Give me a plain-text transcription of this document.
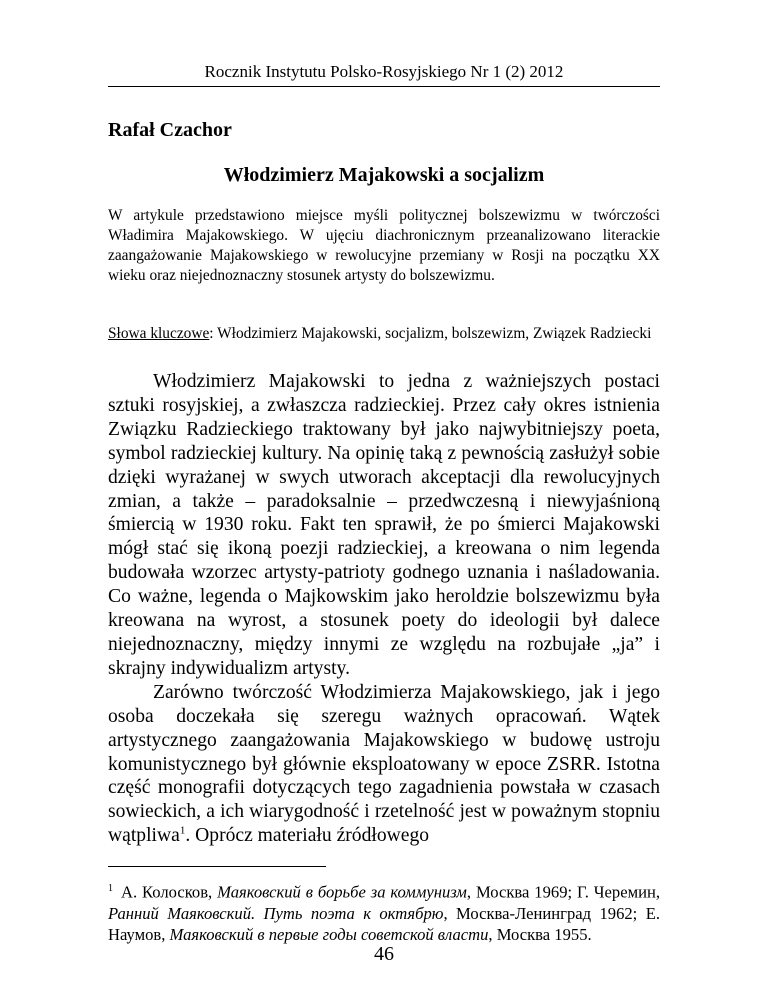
Rocznik Instytutu Polsko-Rosyjskiego Nr 1 (2) 2012
Rafał Czachor
Włodzimierz Majakowski a socjalizm

W artykule przedstawiono miejsce myśli politycznej bolszewizmu w twórczości Władimira Majakowskiego. W ujęciu diachronicznym przeanalizowano literackie zaangażowanie Majakowskiego w rewolucyjne przemiany w Rosji na początku XX wieku oraz niejednoznaczny stosunek artysty do bolszewizmu.

Słowa kluczowe: Włodzimierz Majakowski, socjalizm, bolszewizm, Związek Radziecki

Włodzimierz Majakowski to jedna z ważniejszych postaci sztuki rosyjskiej, a zwłaszcza radzieckiej. Przez cały okres istnienia Związku Radzieckiego traktowany był jako najwybitniejszy poeta, symbol radzieckiej kultury. Na opinię taką z pewnością zasłużył sobie dzięki wyrażanej w swych utworach akceptacji dla rewolucyjnych zmian, a także – paradoksalnie – przedwczesną i niewyjaśnioną śmiercią w 1930 roku. Fakt ten sprawił, że po śmierci Majakowski mógł stać się ikoną poezji radzieckiej, a kreowana o nim legenda budowała wzorzec artysty-patrioty godnego uznania i naśladowania. Co ważne, legenda o Majkowskim jako heroldzie bolszewizmu była kreowana na wyrost, a stosunek poety do ideologii był dalece niejednoznaczny, między innymi ze względu na rozbujałe „ja” i skrajny indywidualizm artysty.

Zarówno twórczość Włodzimierza Majakowskiego, jak i jego osoba doczekała się szeregu ważnych opracowań. Wątek artystycznego zaangażowania Majakowskiego w budowę ustroju komunistycznego był głównie eksploatowany w epoce ZSRR. Istotna część monografii dotyczących tego zagadnienia powstała w czasach sowieckich, a ich wiarygodność i rzetelność jest w poważnym stopniu wątpliwa$^1$. Oprócz materiału źródłowego

$^1$ А. Колосков, Маяковский в борьбе за коммунизм, Москва 1969; Г. Черемин, Ранний Маяковский. Путь поэта к октябрю, Москва-Ленинград 1962; Е. Наумов, Маяковский в первые годы советской власти, Москва 1955.

46
